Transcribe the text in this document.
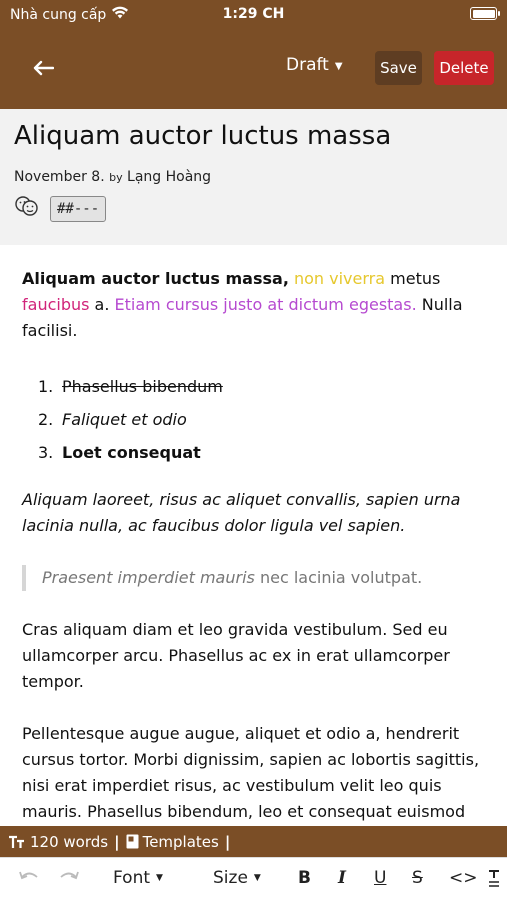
Nhà cung cấp	1:29 CH
Draft ▼	Save	Delete
Aliquam auctor luctus massa
November 8. by Lạng Hoàng
##---

Aliquam auctor luctus massa, non viverra metus faucibus a. Etiam cursus justo at dictum egestas. Nulla facilisi.

1. Phasellus bibendum
2. Faliquet et odio
3. Loet consequat

Aliquam laoreet, risus ac aliquet convallis, sapien urna lacinia nulla, ac faucibus dolor ligula vel sapien.

Praesent imperdiet mauris nec lacinia volutpat.

Cras aliquam diam et leo gravida vestibulum. Sed eu ullamcorper arcu. Phasellus ac ex in erat ullamcorper tempor.

Pellentesque augue augue, aliquet et odio a, hendrerit cursus tortor. Morbi dignissim, sapien ac lobortis sagittis, nisi erat imperdiet risus, ac vestibulum velit leo quis mauris. Phasellus bibendum, leo et consequat euismod

120 words | Templates |
Font ▼	Size ▼ B I U S <>
